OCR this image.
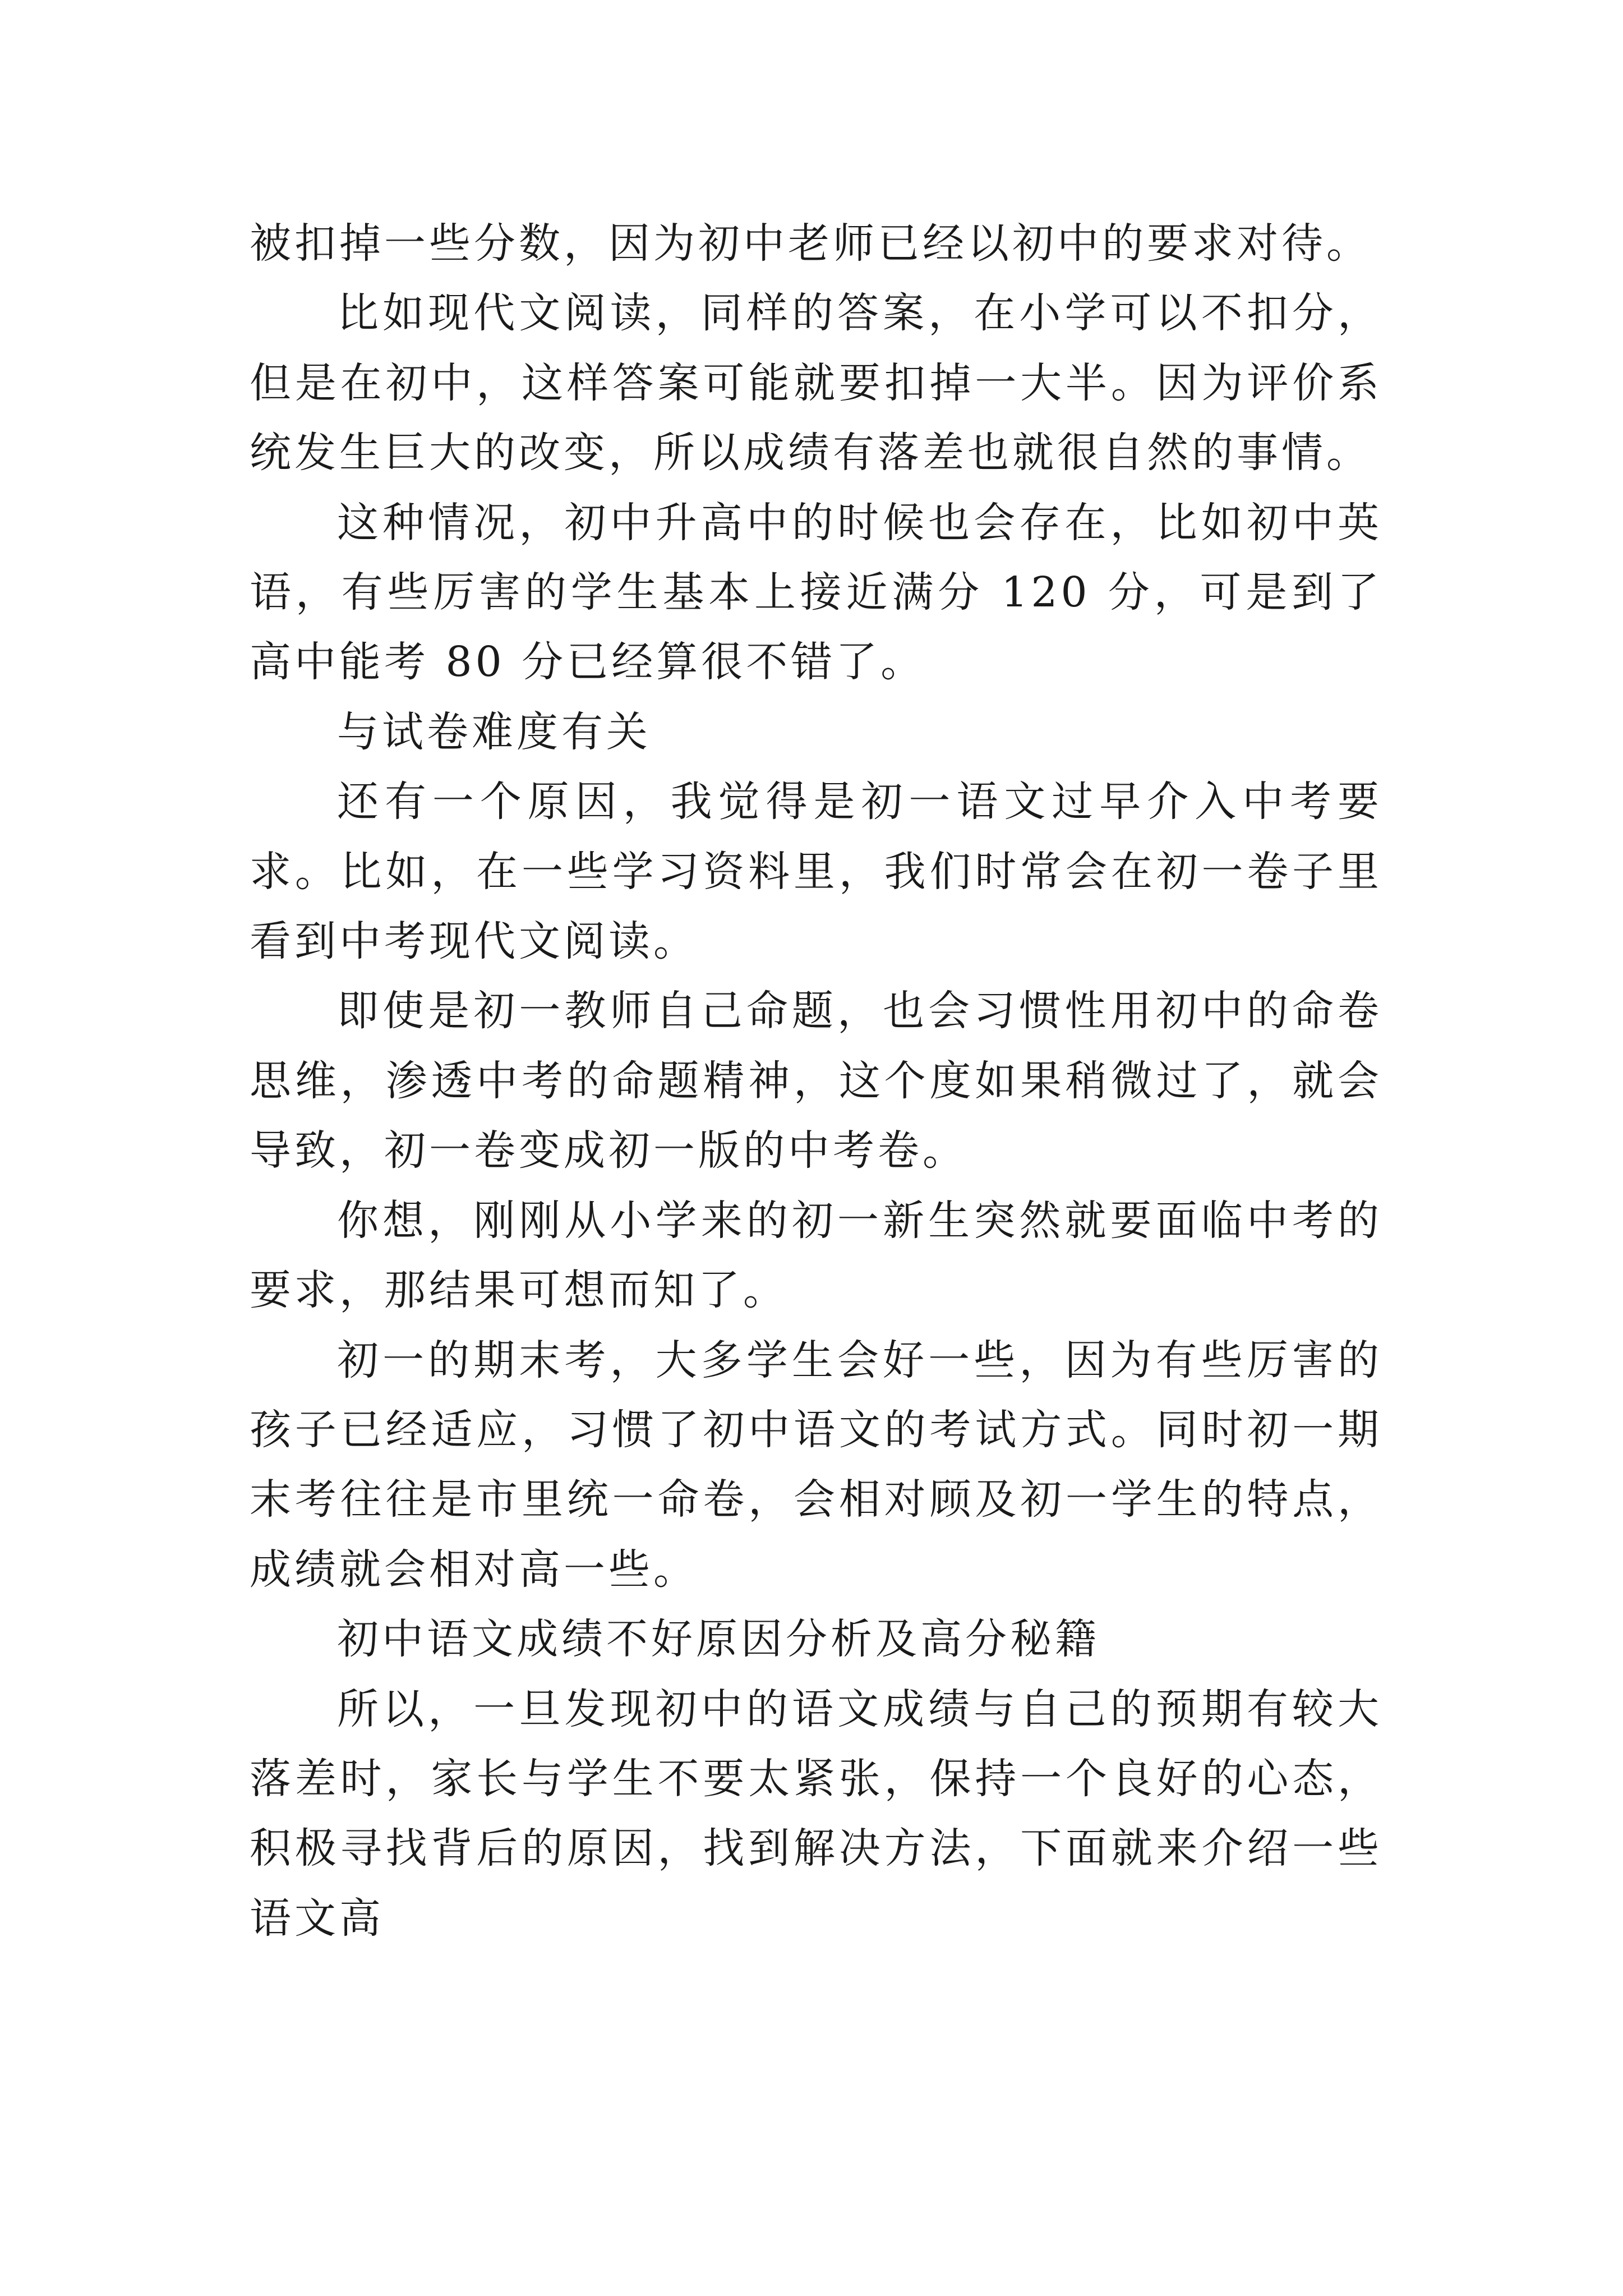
被扣掉一些分数，因为初中老师已经以初中的要求对待。

比如现代文阅读，同样的答案，在小学可以不扣分，但是在初中，这样答案可能就要扣掉一大半。因为评价系统发生巨大的改变，所以成绩有落差也就很自然的事情。

这种情况，初中升高中的时候也会存在，比如初中英语，有些厉害的学生基本上接近满分 120 分，可是到了高中能考 80 分已经算很不错了。

与试卷难度有关

还有一个原因，我觉得是初一语文过早介入中考要求。比如，在一些学习资料里，我们时常会在初一卷子里看到中考现代文阅读。

即使是初一教师自己命题，也会习惯性用初中的命卷思维，渗透中考的命题精神，这个度如果稍微过了，就会导致，初一卷变成初一版的中考卷。

你想，刚刚从小学来的初一新生突然就要面临中考的要求，那结果可想而知了。

初一的期末考，大多学生会好一些，因为有些厉害的孩子已经适应，习惯了初中语文的考试方式。同时初一期末考往往是市里统一命卷，会相对顾及初一学生的特点，成绩就会相对高一些。

初中语文成绩不好原因分析及高分秘籍

所以，一旦发现初中的语文成绩与自己的预期有较大落差时，家长与学生不要太紧张，保持一个良好的心态，积极寻找背后的原因，找到解决方法，下面就来介绍一些语文高
